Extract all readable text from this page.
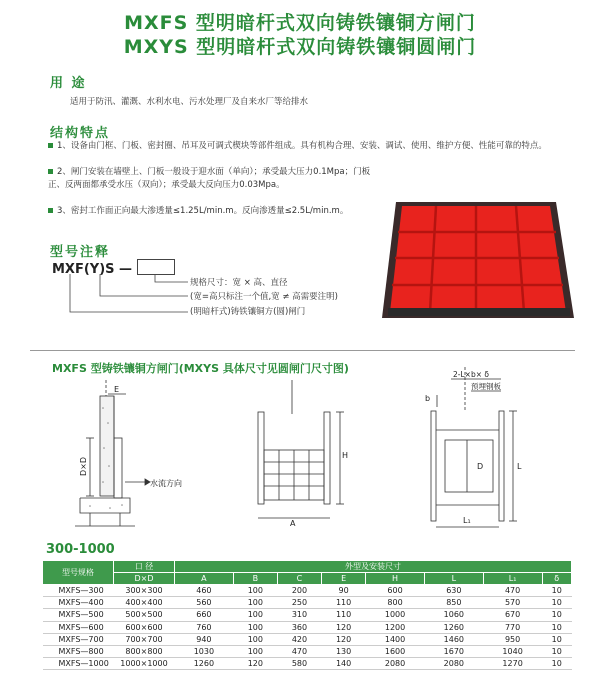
MXFS 型明暗杆式双向铸铁镶铜方闸门
MXYS 型明暗杆式双向铸铁镶铜圆闸门
用 途
适用于防汛、灌溉、水利水电、污水处理厂及自来水厂等给排水
结构特点
1、设备由门框、门板、密封圈、吊耳及可调式楔块等部件组成。具有机构合理、安装、调试、使用、维护方便、性能可靠的特点。
2、闸门安装在墙壁上、门板一般设于迎水面（单向）；承受最大压力0.1Mpa；门板正、反两面都承受水压（双向）；承受最大反向压力0.03Mpa。
3、密封工作面正向最大渗透量≤1.25L/min.m。反向渗透量≤2.5L/min.m。
型号注释
MXF(Y)S —
规格尺寸：宽 × 高、直径
(宽=高只标注一个值,宽 ≠ 高需要注明)
(明暗杆式)铸铁镶铜方(圆)闸门
MXFS 型铸铁镶铜方闸门(MXYS 具体尺寸见圆闸门尺寸图)
E
D×D
水流方向
H
A
2-L×b× δ
预埋钢板
b
L
D
L₁
300-1000
型号规格	口 径	外型及安装尺寸							
	D×D	A	B	C	E	H	L	L₁	δ
MXFS—300	300×300	460	100	200	90	600	630	470	10
MXFS—400	400×400	560	100	250	110	800	850	570	10
MXFS—500	500×500	660	100	310	110	1000	1060	670	10
MXFS—600	600×600	760	100	360	120	1200	1260	770	10
MXFS—700	700×700	940	100	420	120	1400	1460	950	10
MXFS—800	800×800	1030	100	470	130	1600	1670	1040	10
MXFS—1000	1000×1000	1260	120	580	140	2080	2080	1270	10
